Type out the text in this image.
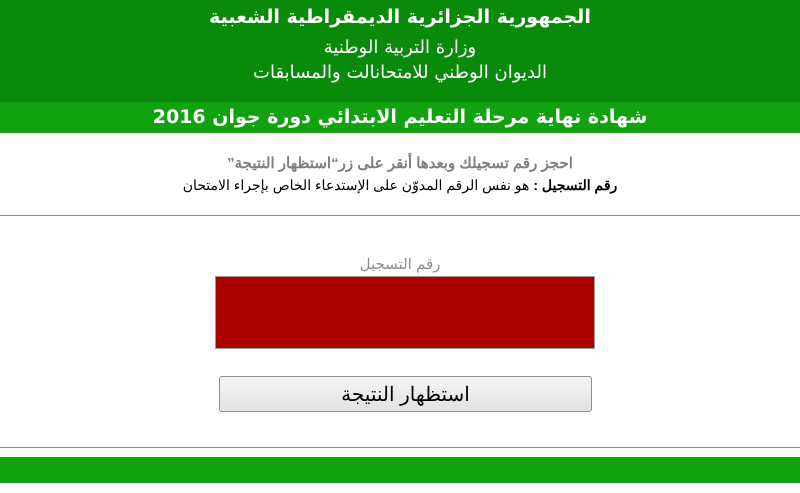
الجمهورية الجزائرية الديمقراطية الشعبية
وزارة التربية الوطنية
الديوان الوطني للامتحانالت والمسابقات
شهادة نهاية مرحلة التعليم الابتدائي دورة جوان 2016
احجز رقم تسجيلك وبعدها أنقر على زر“استظهار النتيجة”
رقم التسجيل : هو نفس الرقم المدوّن على الإستدعاء الخاص بإجراء الامتحان
رقم التسجيل
استظهار النتيجة
